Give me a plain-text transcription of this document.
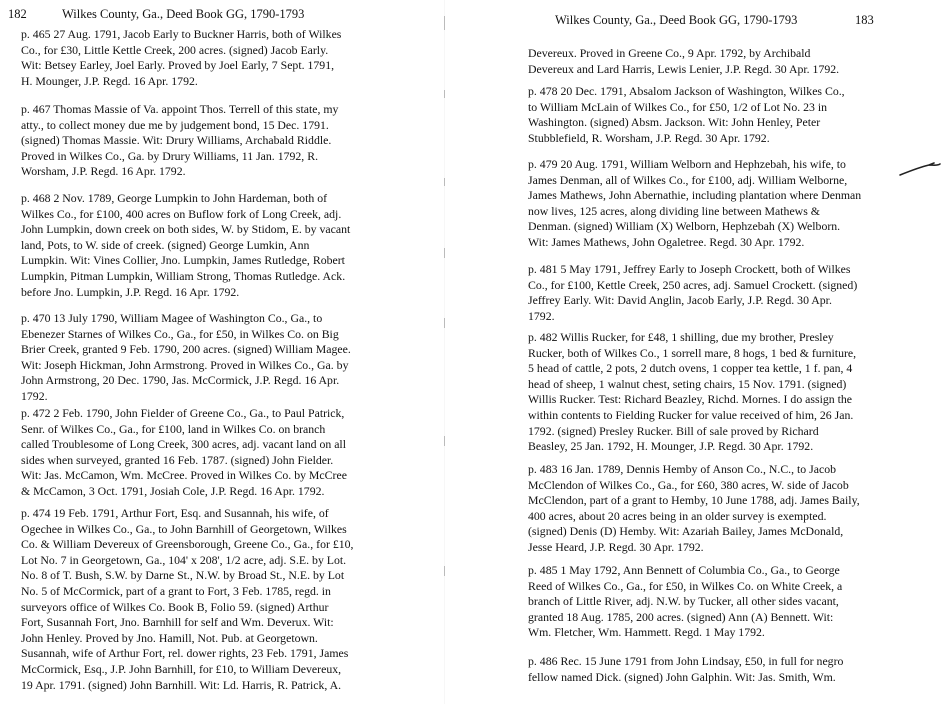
182	Wilkes County, Ga., Deed Book GG, 1790-1793
p. 465 27 Aug. 1791, Jacob Early to Buckner Harris, both of Wilkes
Co., for £30, Little Kettle Creek, 200 acres. (signed) Jacob Early.
Wit: Betsey Earley, Joel Early. Proved by Joel Early, 7 Sept. 1791,
H. Mounger, J.P. Regd. 16 Apr. 1792.
p. 467 Thomas Massie of Va. appoint Thos. Terrell of this state, my
atty., to collect money due me by judgement bond, 15 Dec. 1791.
(signed) Thomas Massie. Wit: Drury Williams, Archabald Riddle.
Proved in Wilkes Co., Ga. by Drury Williams, 11 Jan. 1792, R.
Worsham, J.P. Regd. 16 Apr. 1792.
p. 468 2 Nov. 1789, George Lumpkin to John Hardeman, both of
Wilkes Co., for £100, 400 acres on Buflow fork of Long Creek, adj.
John Lumpkin, down creek on both sides, W. by Stidom, E. by vacant
land, Pots, to W. side of creek. (signed) George Lumkin, Ann
Lumpkin. Wit: Vines Collier, Jno. Lumpkin, James Rutledge, Robert
Lumpkin, Pitman Lumpkin, William Strong, Thomas Rutledge. Ack.
before Jno. Lumpkin, J.P. Regd. 16 Apr. 1792.
p. 470 13 July 1790, William Magee of Washington Co., Ga., to
Ebenezer Starnes of Wilkes Co., Ga., for £50, in Wilkes Co. on Big
Brier Creek, granted 9 Feb. 1790, 200 acres. (signed) William Magee.
Wit: Joseph Hickman, John Armstrong. Proved in Wilkes Co., Ga. by
John Armstrong, 20 Dec. 1790, Jas. McCormick, J.P. Regd. 16 Apr.
1792.
p. 472 2 Feb. 1790, John Fielder of Greene Co., Ga., to Paul Patrick,
Senr. of Wilkes Co., Ga., for £100, land in Wilkes Co. on branch
called Troublesome of Long Creek, 300 acres, adj. vacant land on all
sides when surveyed, granted 16 Feb. 1787. (signed) John Fielder.
Wit: Jas. McCamon, Wm. McCree. Proved in Wilkes Co. by McCree
& McCamon, 3 Oct. 1791, Josiah Cole, J.P. Regd. 16 Apr. 1792.
p. 474 19 Feb. 1791, Arthur Fort, Esq. and Susannah, his wife, of
Ogechee in Wilkes Co., Ga., to John Barnhill of Georgetown, Wilkes
Co. & William Devereux of Greensborough, Greene Co., Ga., for £10,
Lot No. 7 in Georgetown, Ga., 104' x 208', 1/2 acre, adj. S.E. by Lot.
No. 8 of T. Bush, S.W. by Darne St., N.W. by Broad St., N.E. by Lot
No. 5 of McCormick, part of a grant to Fort, 3 Feb. 1785, regd. in
surveyors office of Wilkes Co. Book B, Folio 59. (signed) Arthur
Fort, Susannah Fort, Jno. Barnhill for self and Wm. Deverux. Wit:
John Henley. Proved by Jno. Hamill, Not. Pub. at Georgetown.
Susannah, wife of Arthur Fort, rel. dower rights, 23 Feb. 1791, James
McCormick, Esq., J.P. John Barnhill, for £10, to William Devereux,
19 Apr. 1791. (signed) John Barnhill. Wit: Ld. Harris, R. Patrick, A.
Wilkes County, Ga., Deed Book GG, 1790-1793	183
Devereux. Proved in Greene Co., 9 Apr. 1792, by Archibald
Devereux and Lard Harris, Lewis Lenier, J.P. Regd. 30 Apr. 1792.
p. 478 20 Dec. 1791, Absalom Jackson of Washington, Wilkes Co.,
to William McLain of Wilkes Co., for £50, 1/2 of Lot No. 23 in
Washington. (signed) Absm. Jackson. Wit: John Henley, Peter
Stubblefield, R. Worsham, J.P. Regd. 30 Apr. 1792.
p. 479 20 Aug. 1791, William Welborn and Hephzebah, his wife, to
James Denman, all of Wilkes Co., for £100, adj. William Welborne,
James Mathews, John Abernathie, including plantation where Denman
now lives, 125 acres, along dividing line between Mathews &
Denman. (signed) William (X) Welborn, Hephzebah (X) Welborn.
Wit: James Mathews, John Ogaletree. Regd. 30 Apr. 1792.
p. 481 5 May 1791, Jeffrey Early to Joseph Crockett, both of Wilkes
Co., for £100, Kettle Creek, 250 acres, adj. Samuel Crockett. (signed)
Jeffrey Early. Wit: David Anglin, Jacob Early, J.P. Regd. 30 Apr.
1792.
p. 482 Willis Rucker, for £48, 1 shilling, due my brother, Presley
Rucker, both of Wilkes Co., 1 sorrell mare, 8 hogs, 1 bed & furniture,
5 head of cattle, 2 pots, 2 dutch ovens, 1 copper tea kettle, 1 f. pan, 4
head of sheep, 1 walnut chest, seting chairs, 15 Nov. 1791. (signed)
Willis Rucker. Test: Richard Beazley, Richd. Mornes. I do assign the
within contents to Fielding Rucker for value received of him, 26 Jan.
1792. (signed) Presley Rucker. Bill of sale proved by Richard
Beasley, 25 Jan. 1792, H. Mounger, J.P. Regd. 30 Apr. 1792.
p. 483 16 Jan. 1789, Dennis Hemby of Anson Co., N.C., to Jacob
McClendon of Wilkes Co., Ga., for £60, 380 acres, W. side of Jacob
McClendon, part of a grant to Hemby, 10 June 1788, adj. James Baily,
400 acres, about 20 acres being in an older survey is exempted.
(signed) Denis (D) Hemby. Wit: Azariah Bailey, James McDonald,
Jesse Heard, J.P. Regd. 30 Apr. 1792.
p. 485 1 May 1792, Ann Bennett of Columbia Co., Ga., to George
Reed of Wilkes Co., Ga., for £50, in Wilkes Co. on White Creek, a
branch of Little River, adj. N.W. by Tucker, all other sides vacant,
granted 18 Aug. 1785, 200 acres. (signed) Ann (A) Bennett. Wit:
Wm. Fletcher, Wm. Hammett. Regd. 1 May 1792.
p. 486 Rec. 15 June 1791 from John Lindsay, £50, in full for negro
fellow named Dick. (signed) John Galphin. Wit: Jas. Smith, Wm.
